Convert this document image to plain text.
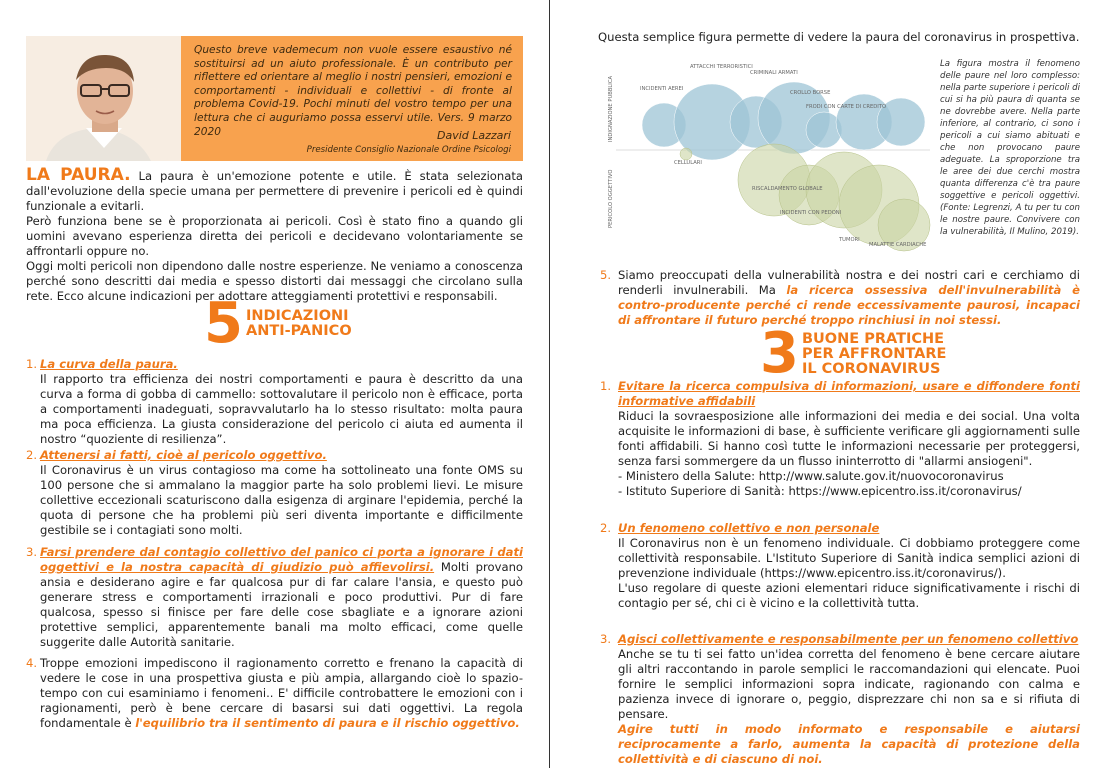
Questo breve vademecum non vuole essere esaustivo né sostituirsi ad un aiuto professionale. È un contributo per riflettere ed orientare al meglio i nostri pensieri, emozioni e comportamenti - individuali e collettivi - di fronte al problema Covid-19. Pochi minuti del vostro tempo per una lettura che ci auguriamo possa esservi utile. Vers. 9 marzo 2020	David Lazzari
Presidente Consiglio Nazionale Ordine Psicologi
LA PAURA. La paura è un'emozione potente e utile. È stata selezionata dall'evoluzione della specie umana per permettere di prevenire i pericoli ed è quindi funzionale a evitarli.
Però funziona bene se è proporzionata ai pericoli. Così è stato fino a quando gli uomini avevano esperienza diretta dei pericoli e decidevano volontariamente se affrontarli oppure no.
Oggi molti pericoli non dipendono dalle nostre esperienze. Ne veniamo a conoscenza perché sono descritti dai media e spesso distorti dai messaggi che circolano sulla rete. Ecco alcune indicazioni per adottare atteggiamenti protettivi e responsabili.
5 INDICAZIONI
ANTI-PANICO
1. La curva della paura.
Il rapporto tra efficienza dei nostri comportamenti e paura è descritto da una curva a forma di gobba di cammello: sottovalutare il pericolo non è efficace, porta a comportamenti inadeguati, sopravvalutarlo ha lo stesso risultato: molta paura ma poca efficienza. La giusta considerazione del pericolo ci aiuta ed aumenta il nostro “quoziente di resilienza”.
2. Attenersi ai fatti, cioè al pericolo oggettivo.
Il Coronavirus è un virus contagioso ma come ha sottolineato una fonte OMS su 100 persone che si ammalano la maggior parte ha solo problemi lievi. Le misure collettive eccezionali scaturiscono dalla esigenza di arginare l'epidemia, perché la quota di persone che ha problemi più seri diventa importante e difficilmente gestibile se i contagiati sono molti.
3. Farsi prendere dal contagio collettivo del panico ci porta a ignorare i dati oggettivi e la nostra capacità di giudizio può affievolirsi. Molti provano ansia e desiderano agire e far qualcosa pur di far calare l'ansia, e questo può generare stress e comportamenti irrazionali e poco produttivi. Pur di fare qualcosa, spesso si finisce per fare delle cose sbagliate e a ignorare azioni protettive semplici, apparentemente banali ma molto efficaci, come quelle suggerite dalle Autorità sanitarie.
4. Troppe emozioni impediscono il ragionamento corretto e frenano la capacità di vedere le cose in una prospettiva giusta e più ampia, allargando cioè lo spazio-tempo con cui esaminiamo i fenomeni.. E' difficile controbattere le emozioni con i ragionamenti, però è bene cercare di basarsi sui dati oggettivi. La regola fondamentale è l'equilibrio tra il sentimento di paura e il rischio oggettivo.
Questa semplice figura permette di vedere la paura del coronavirus in prospettiva.
INDIGNAZIONE PUBBLICA
PERICOLO OGGETTIVO
INCIDENTI AEREI
ATTACCHI TERRORISTICI
CRIMINALI ARMATI
CROLLO BORSE
FRODI CON CARTE DI CREDITO
CELLULARI
RISCALDAMENTO GLOBALE
INCIDENTI CON PEDONI
TUMORI
MALATTIE CARDIACHE
La figura mostra il fenomeno delle paure nel loro complesso: nella parte superiore i pericoli di cui si ha più paura di quanta se ne dovrebbe avere. Nella parte inferiore, al contrario, ci sono i pericoli a cui siamo abituati e che non provocano paure adeguate. La sproporzione tra le aree dei due cerchi mostra quanta differenza c'è tra paure soggettive e pericoli oggettivi. (Fonte: Legrenzi, A tu per tu con le nostre paure. Convivere con la vulnerabilità, Il Mulino, 2019).
5. Siamo preoccupati della vulnerabilità nostra e dei nostri cari e cerchiamo di renderli invulnerabili. Ma la ricerca ossessiva dell'invulnerabilità è contro-producente perché ci rende eccessivamente paurosi, incapaci di affrontare il futuro perché troppo rinchiusi in noi stessi.
3 BUONE PRATICHE
PER AFFRONTARE
IL CORONAVIRUS
1. Evitare la ricerca compulsiva di informazioni, usare e diffondere fonti informative affidabili
Riduci la sovraesposizione alle informazioni dei media e dei social. Una volta acquisite le informazioni di base, è sufficiente verificare gli aggiornamenti sulle fonti affidabili. Si hanno così tutte le informazioni necessarie per proteggersi, senza farsi sommergere da un flusso ininterrotto di "allarmi ansiogeni".
- Ministero della Salute: http://www.salute.gov.it/nuovocoronavirus
- Istituto Superiore di Sanità: https://www.epicentro.iss.it/coronavirus/
2. Un fenomeno collettivo e non personale
Il Coronavirus non è un fenomeno individuale. Ci dobbiamo proteggere come collettività responsabile. L'Istituto Superiore di Sanità indica semplici azioni di prevenzione individuale (https://www.epicentro.iss.it/coronavirus/).
L'uso regolare di queste azioni elementari riduce significativamente i rischi di contagio per sé, chi ci è vicino e la collettività tutta.
3. Agisci collettivamente e responsabilmente per un fenomeno collettivo
Anche se tu ti sei fatto un'idea corretta del fenomeno è bene cercare aiutare gli altri raccontando in parole semplici le raccomandazioni qui elencate. Puoi fornire le semplici informazioni sopra indicate, ragionando con calma e pazienza invece di ignorare o, peggio, disprezzare chi non sa e si rifiuta di pensare.
Agire tutti in modo informato e responsabile e aiutarsi reciprocamente a farlo, aumenta la capacità di protezione della collettività e di ciascuno di noi.
